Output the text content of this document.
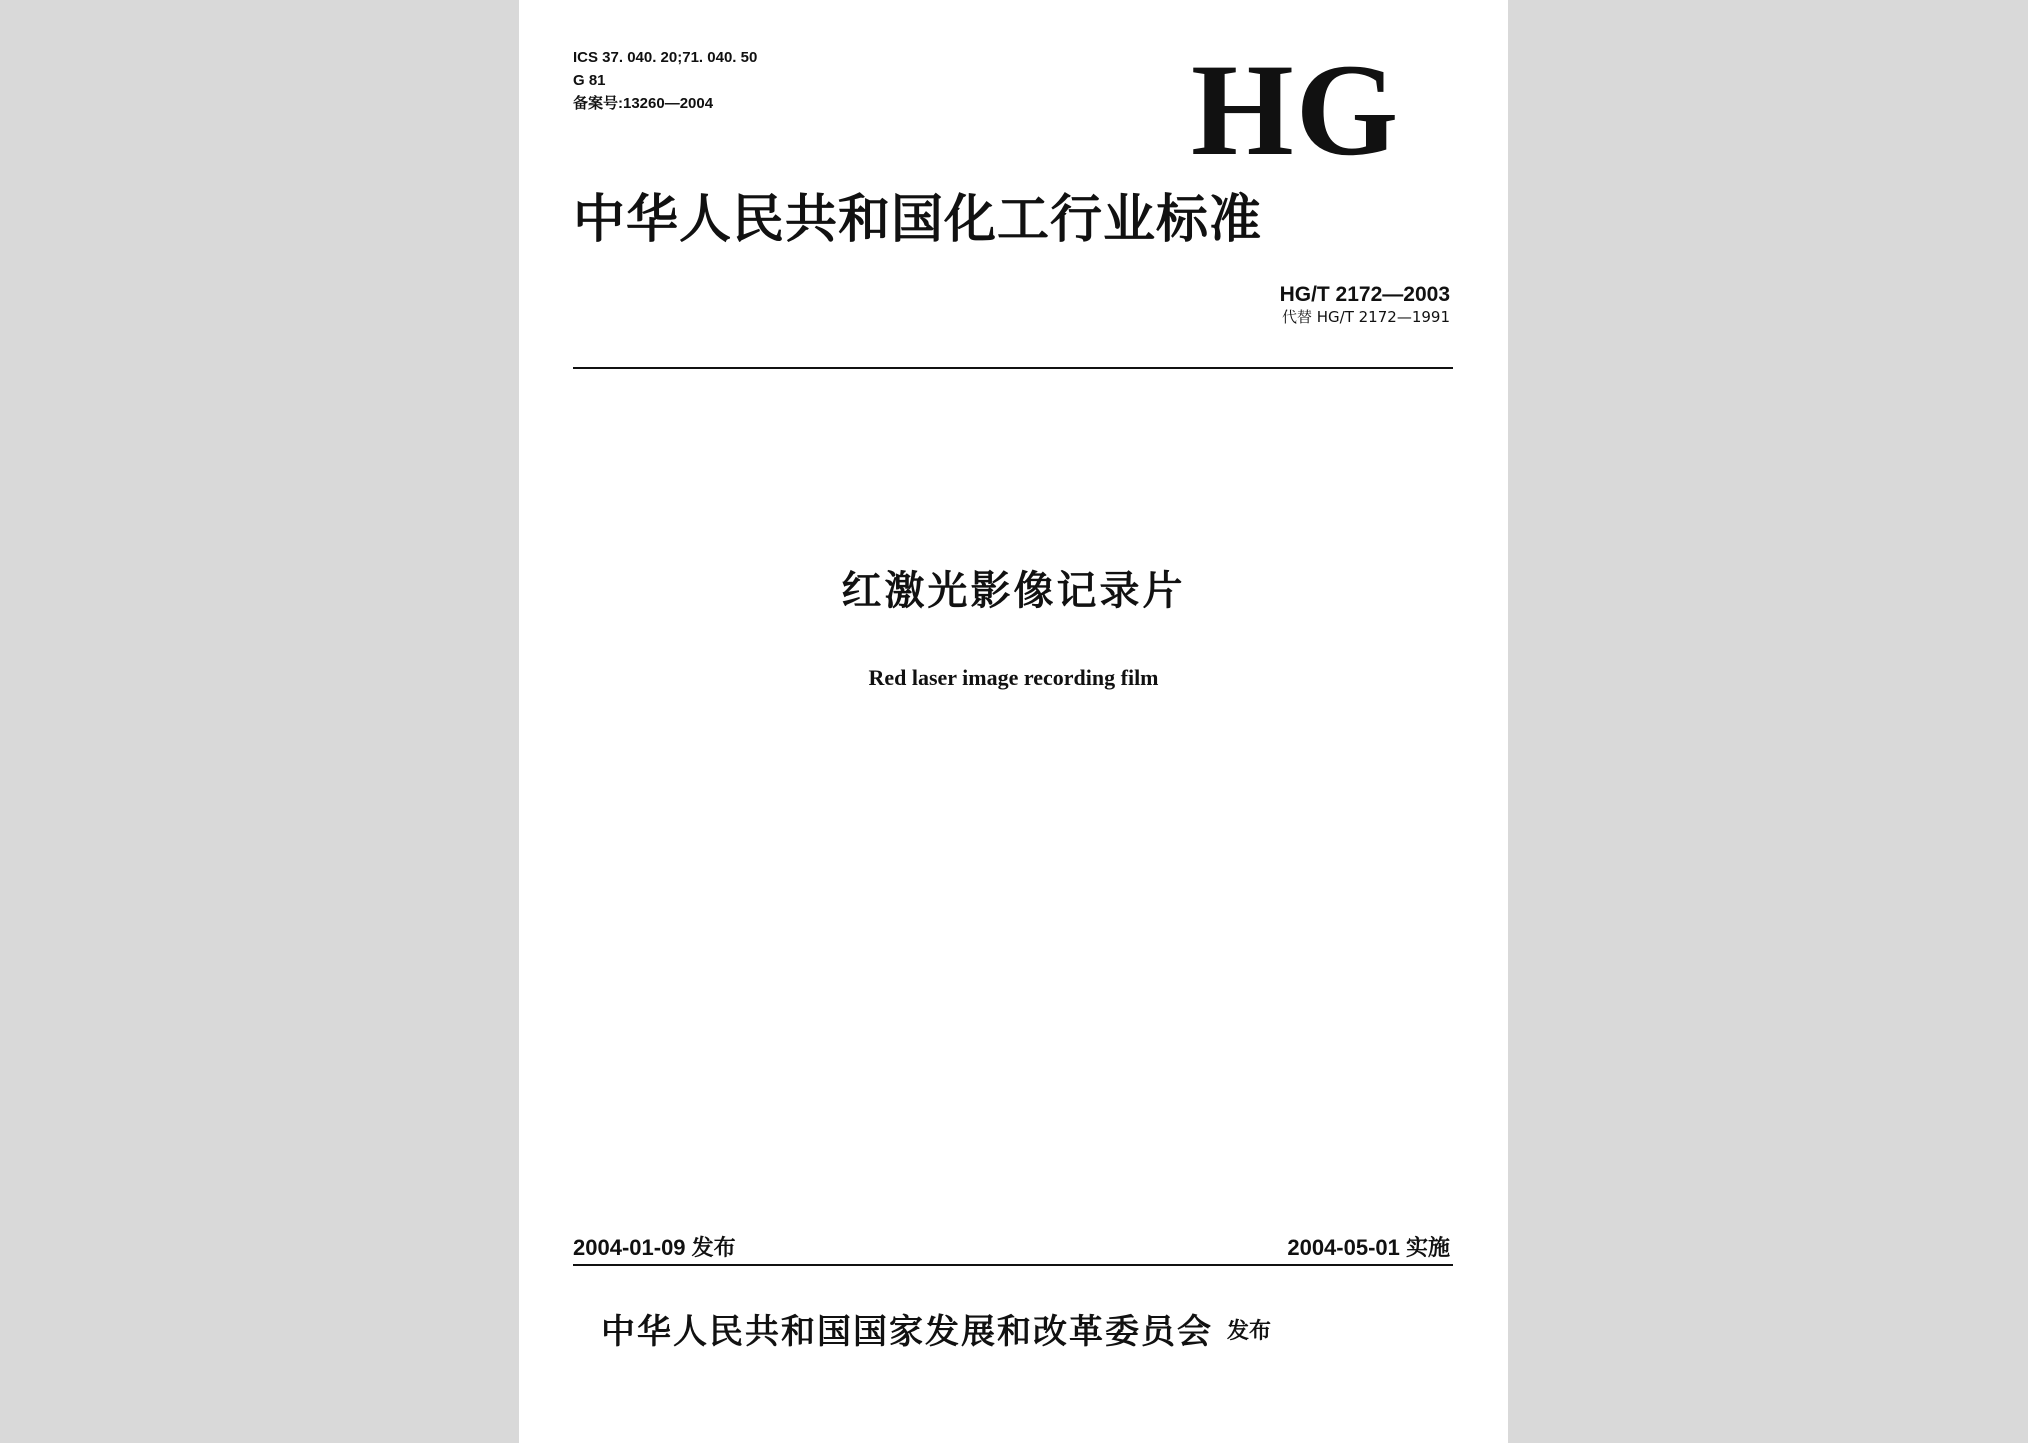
ICS 37. 040. 20;71. 040. 50
G 81
备案号:13260—2004	HG
中华人民共和国化工行业标准
HG/T 2172—2003
代替 HG/T 2172—1991
红激光影像记录片
Red laser image recording film
2004-01-09 发布	2004-05-01 实施
中华人民共和国国家发展和改革委员会 发布
